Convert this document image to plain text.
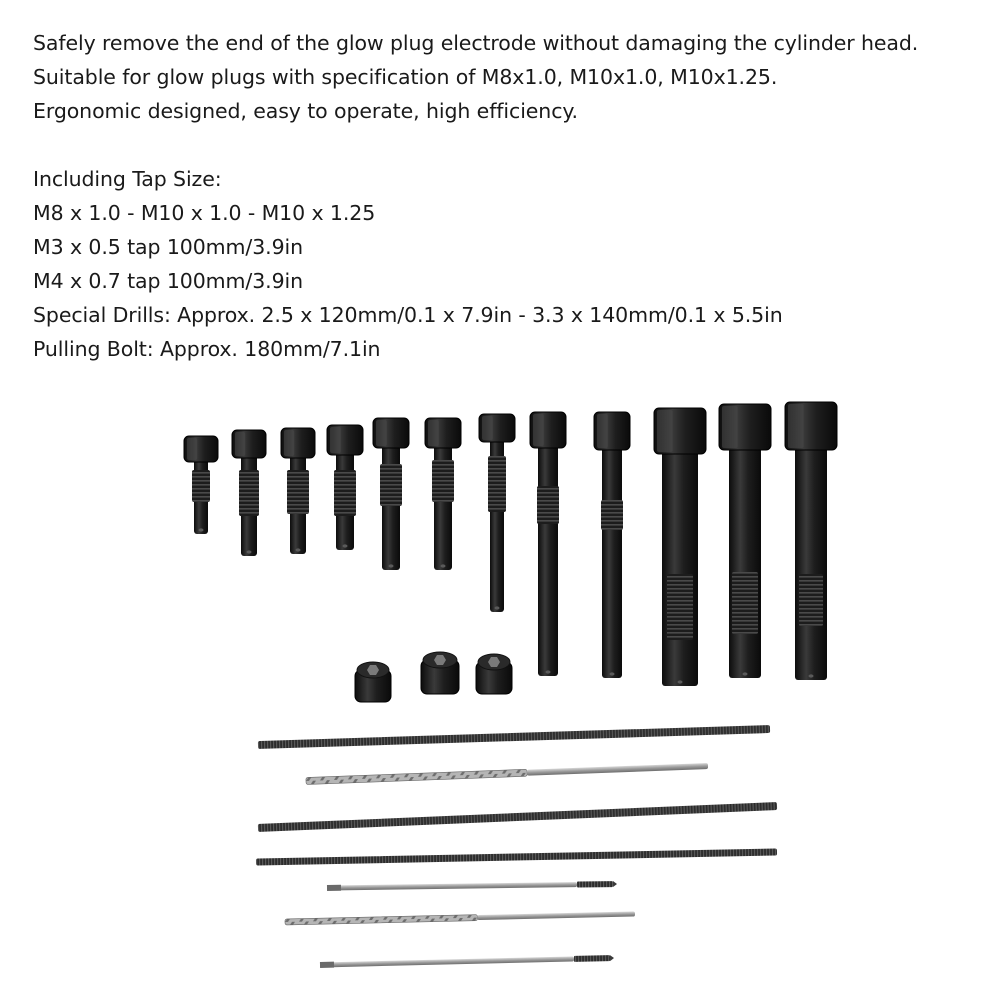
Safely remove the end of the glow plug electrode without damaging the cylinder head.

Suitable for glow plugs with specification of M8x1.0, M10x1.0, M10x1.25.

Ergonomic designed, easy to operate, high efficiency.

Including Tap Size:

M8 x 1.0 - M10 x 1.0 - M10 x 1.25

M3 x 0.5 tap 100mm/3.9in

M4 x 0.7 tap 100mm/3.9in

Special Drills: Approx. 2.5 x 120mm/0.1 x 7.9in - 3.3 x 140mm/0.1 x 5.5in

Pulling Bolt: Approx. 180mm/7.1in
